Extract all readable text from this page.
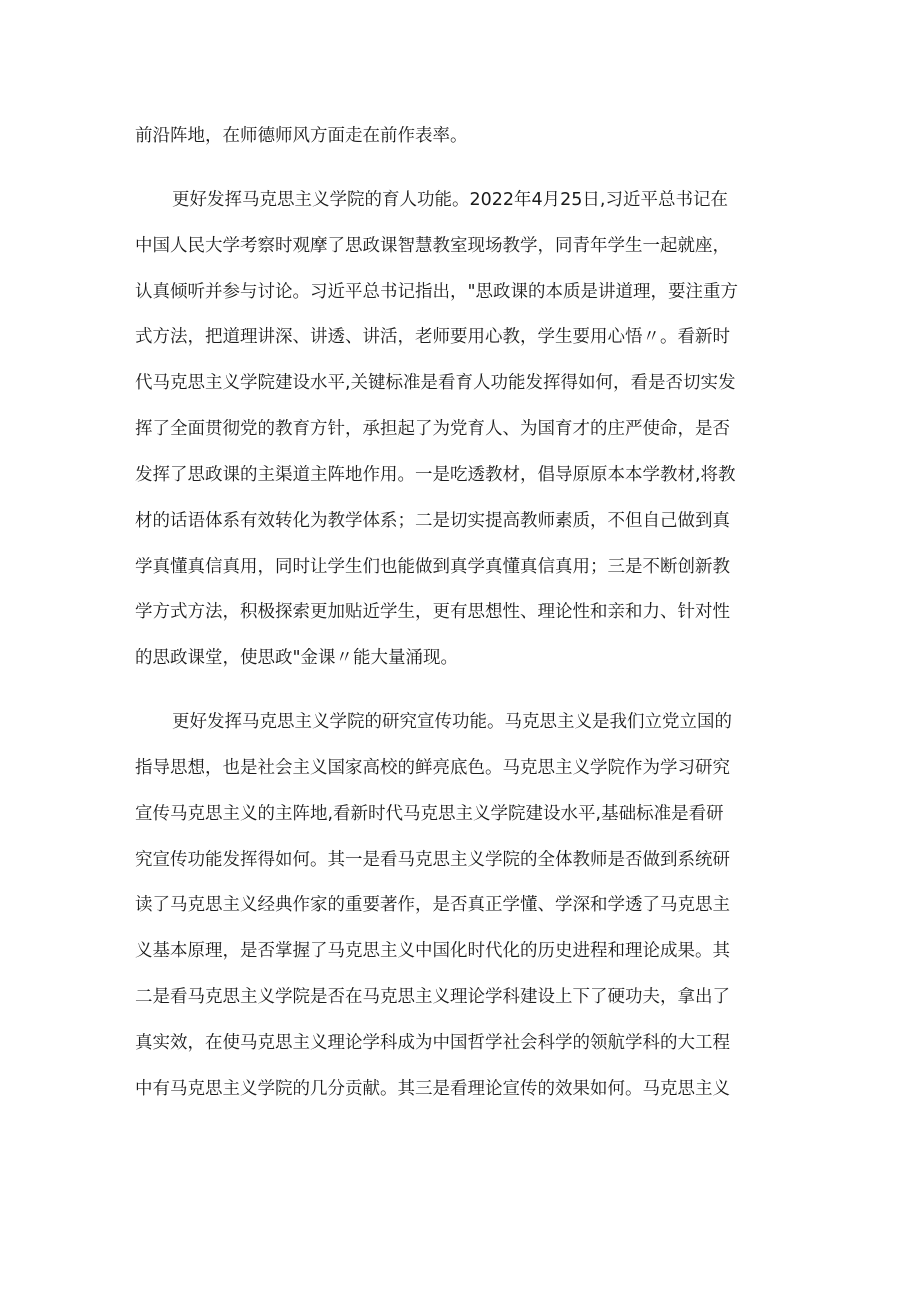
前沿阵地，在师德师风方面走在前作表率。
更好发挥马克思主义学院的育人功能。2022年4月25日,习近平总书记在
中国人民大学考察时观摩了思政课智慧教室现场教学，同青年学生一起就座，
认真倾听并参与讨论。习近平总书记指出，"思政课的本质是讲道理，要注重方
式方法，把道理讲深、讲透、讲活，老师要用心教，学生要用心悟〃。看新时
代马克思主义学院建设水平,关键标准是看育人功能发挥得如何，看是否切实发
挥了全面贯彻党的教育方针，承担起了为党育人、为国育才的庄严使命，是否
发挥了思政课的主渠道主阵地作用。一是吃透教材，倡导原原本本学教材,将教
材的话语体系有效转化为教学体系；二是切实提高教师素质，不但自己做到真
学真懂真信真用，同时让学生们也能做到真学真懂真信真用；三是不断创新教
学方式方法，积极探索更加贴近学生，更有思想性、理论性和亲和力、针对性
的思政课堂，使思政"金课〃能大量涌现。
更好发挥马克思主义学院的研究宣传功能。马克思主义是我们立党立国的
指导思想，也是社会主义国家高校的鲜亮底色。马克思主义学院作为学习研究
宣传马克思主义的主阵地,看新时代马克思主义学院建设水平,基础标准是看研
究宣传功能发挥得如何。其一是看马克思主义学院的全体教师是否做到系统研
读了马克思主义经典作家的重要著作，是否真正学懂、学深和学透了马克思主
义基本原理，是否掌握了马克思主义中国化时代化的历史进程和理论成果。其
二是看马克思主义学院是否在马克思主义理论学科建设上下了硬功夫，拿出了
真实效，在使马克思主义理论学科成为中国哲学社会科学的领航学科的大工程
中有马克思主义学院的几分贡献。其三是看理论宣传的效果如何。马克思主义
